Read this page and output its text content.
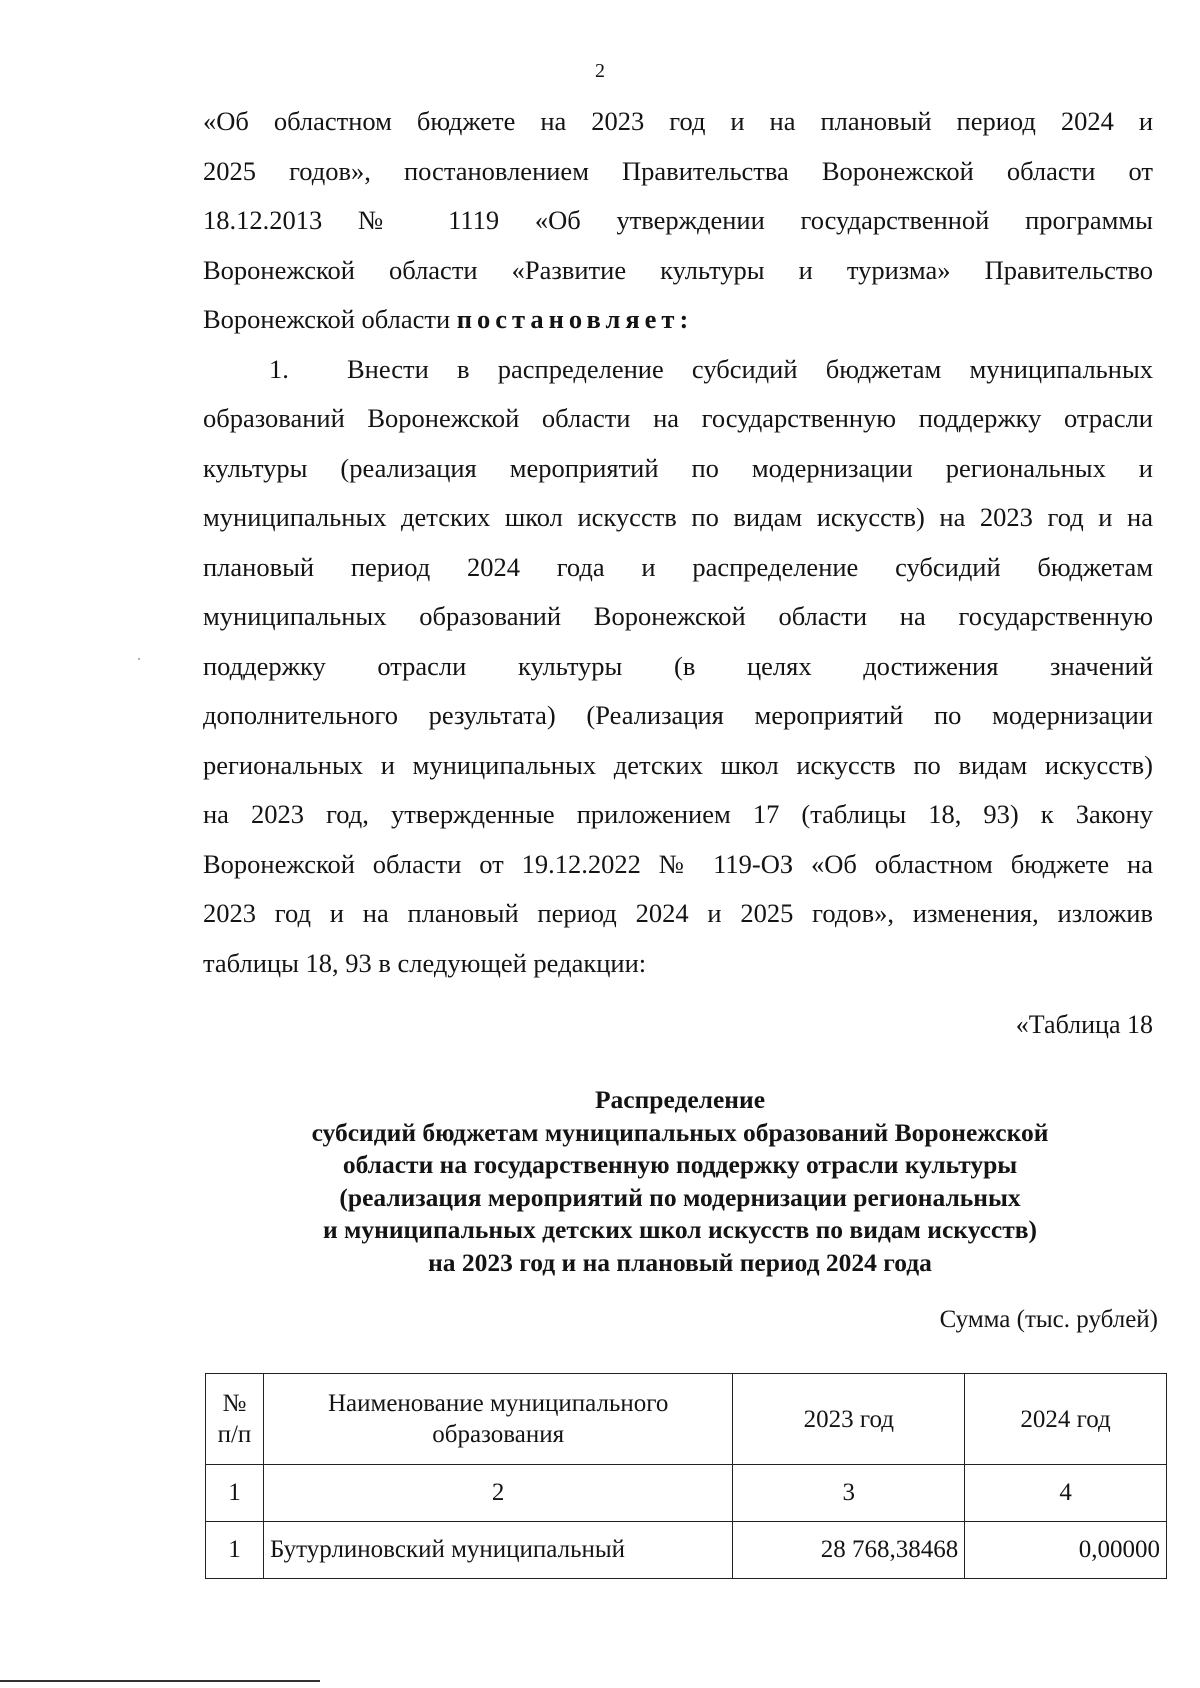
2
«Об областном бюджете на 2023 год и на плановый период 2024 и
2025 годов», постановлением Правительства Воронежской области от
18.12.2013 № 1119 «Об утверждении государственной программы
Воронежской области «Развитие культуры и туризма» Правительство
Воронежской области постановляет:
1. Внести в распределение субсидий бюджетам муниципальных
образований Воронежской области на государственную поддержку отрасли
культуры (реализация мероприятий по модернизации региональных и
муниципальных детских школ искусств по видам искусств) на 2023 год и на
плановый период 2024 года и распределение субсидий бюджетам
муниципальных образований Воронежской области на государственную
поддержку отрасли культуры (в целях достижения значений
дополнительного результата) (Реализация мероприятий по модернизации
региональных и муниципальных детских школ искусств по видам искусств)
на 2023 год, утвержденные приложением 17 (таблицы 18, 93) к Закону
Воронежской области от 19.12.2022 № 119-ОЗ «Об областном бюджете на
2023 год и на плановый период 2024 и 2025 годов», изменения, изложив
таблицы 18, 93 в следующей редакции:
«Таблица 18
Распределение
субсидий бюджетам муниципальных образований Воронежской
области на государственную поддержку отрасли культуры
(реализация мероприятий по модернизации региональных
и муниципальных детских школ искусств по видам искусств)
на 2023 год и на плановый период 2024 года
Сумма (тыс. рублей)
№ п/п	Наименование муниципального образования	2023 год	2024 год
1	2	3	4
1	Бутурлиновский муниципальный	28 768,38468	0,00000
